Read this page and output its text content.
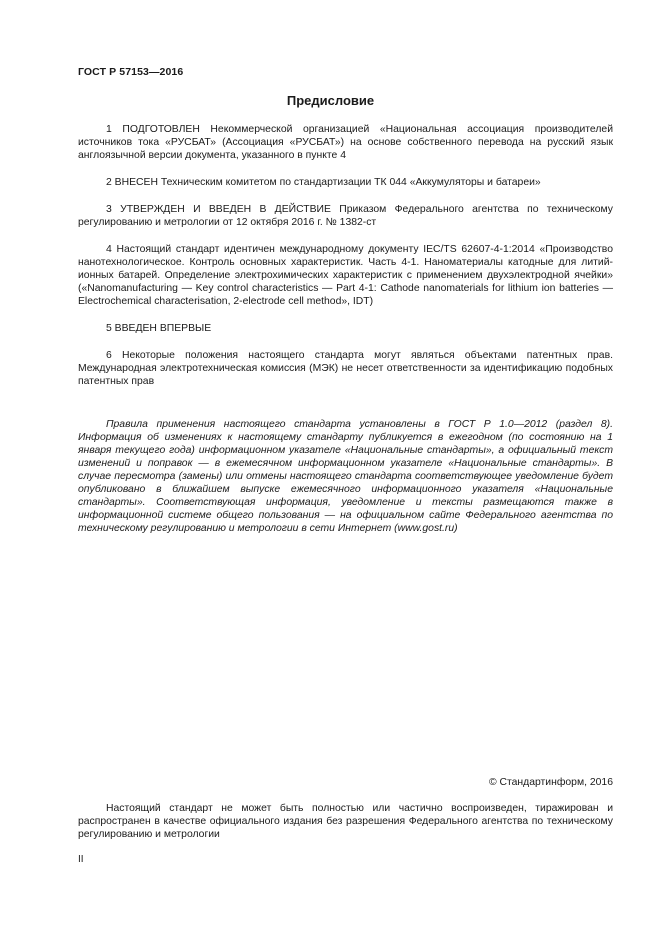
ГОСТ Р 57153—2016
Предисловие

1 ПОДГОТОВЛЕН Некоммерческой организацией «Национальная ассоциация производителей источников тока «РУСБАТ» (Ассоциация «РУСБАТ») на основе собственного перевода на русский язык англоязычной версии документа, указанного в пункте 4

2 ВНЕСЕН Техническим комитетом по стандартизации ТК 044 «Аккумуляторы и батареи»

3 УТВЕРЖДЕН И ВВЕДЕН В ДЕЙСТВИЕ Приказом Федерального агентства по техническому регулированию и метрологии от 12 октября 2016 г. № 1382-ст

4 Настоящий стандарт идентичен международному документу IEC/TS 62607-4-1:2014 «Производство нанотехнологическое. Контроль основных характеристик. Часть 4-1. Наноматериалы катодные для литий-ионных батарей. Определение электрохимических характеристик с применением двухэлектродной ячейки» («Nanomanufacturing — Key control characteristics — Part 4-1: Cathode nanomaterials for lithium ion batteries — Electrochemical characterisation, 2-electrode cell method», IDT)

5 ВВЕДЕН ВПЕРВЫЕ

6 Некоторые положения настоящего стандарта могут являться объектами патентных прав. Международная электротехническая комиссия (МЭК) не несет ответственности за идентификацию подобных патентных прав

Правила применения настоящего стандарта установлены в ГОСТ Р 1.0—2012 (раздел 8). Информация об изменениях к настоящему стандарту публикуется в ежегодном (по состоянию на 1 января текущего года) информационном указателе «Национальные стандарты», а официальный текст изменений и поправок — в ежемесячном информационном указателе «Национальные стандарты». В случае пересмотра (замены) или отмены настоящего стандарта соответствующее уведомление будет опубликовано в ближайшем выпуске ежемесячного информационного указателя «Национальные стандарты». Соответствующая информация, уведомление и тексты размещаются также в информационной системе общего пользования — на официальном сайте Федерального агентства по техническому регулированию и метрологии в сети Интернет (www.gost.ru)
© Стандартинформ, 2016
Настоящий стандарт не может быть полностью или частично воспроизведен, тиражирован и распространен в качестве официального издания без разрешения Федерального агентства по техническому регулированию и метрологии
II
